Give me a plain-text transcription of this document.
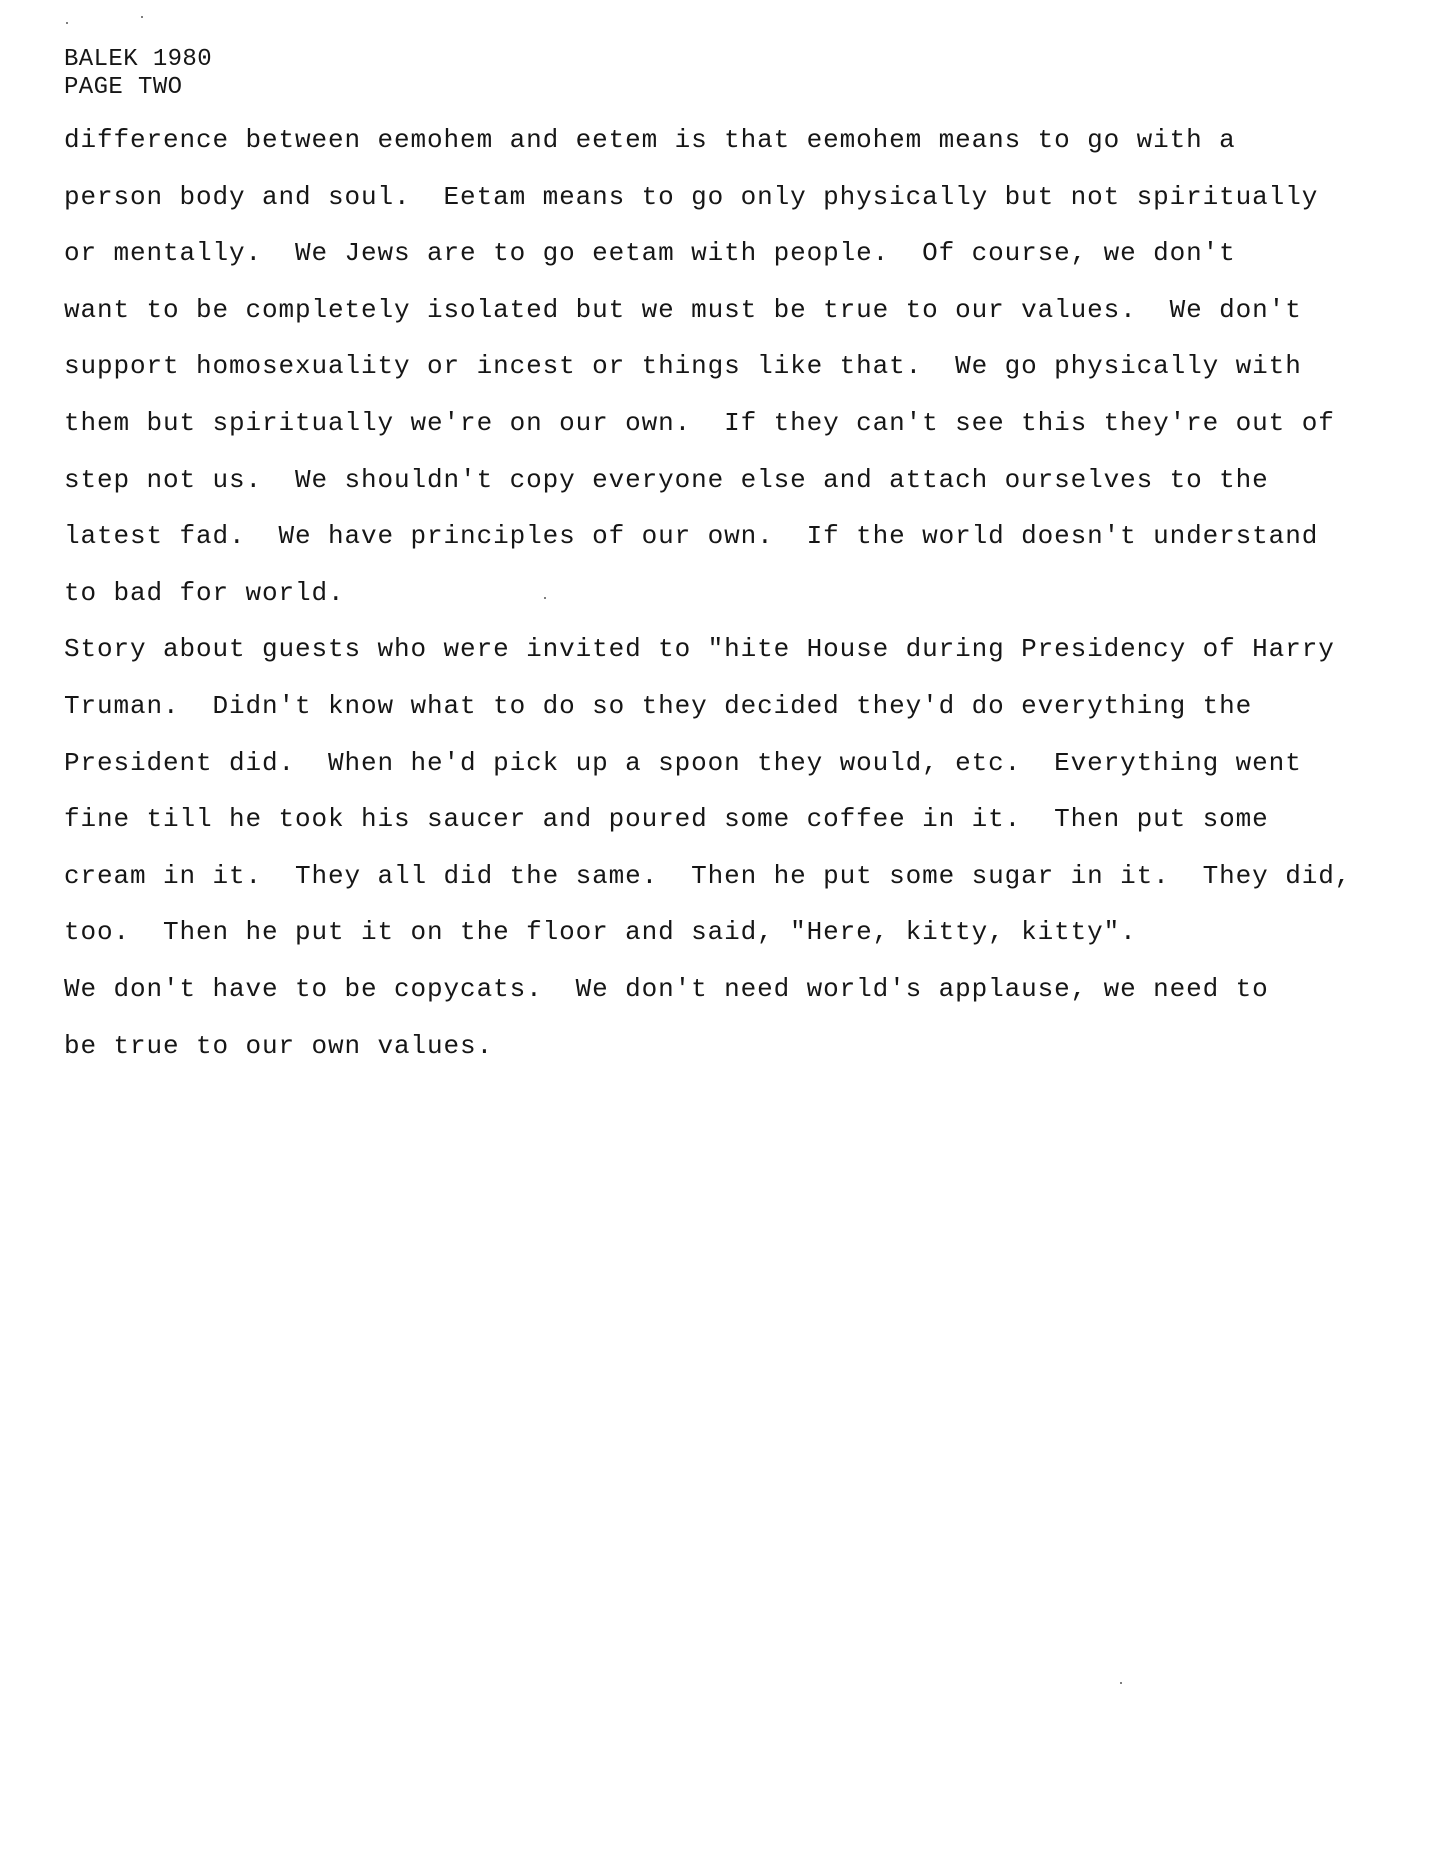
BALEK 1980
PAGE TWO
difference between eemohem and eetem is that eemohem means to go with a
person body and soul.  Eetam means to go only physically but not spiritually
or mentally.  We Jews are to go eetam with people.  Of course, we don't
want to be completely isolated but we must be true to our values.  We don't
support homosexuality or incest or things like that.  We go physically with
them but spiritually we're on our own.  If they can't see this they're out of
step not us.  We shouldn't copy everyone else and attach ourselves to the
latest fad.  We have principles of our own.  If the world doesn't understand
to bad for world.
Story about guests who were invited to "hite House during Presidency of Harry
Truman.  Didn't know what to do so they decided they'd do everything the
President did.  When he'd pick up a spoon they would, etc.  Everything went
fine till he took his saucer and poured some coffee in it.  Then put some
cream in it.  They all did the same.  Then he put some sugar in it.  They did,
too.  Then he put it on the floor and said, "Here, kitty, kitty".
We don't have to be copycats.  We don't need world's applause, we need to
be true to our own values.
